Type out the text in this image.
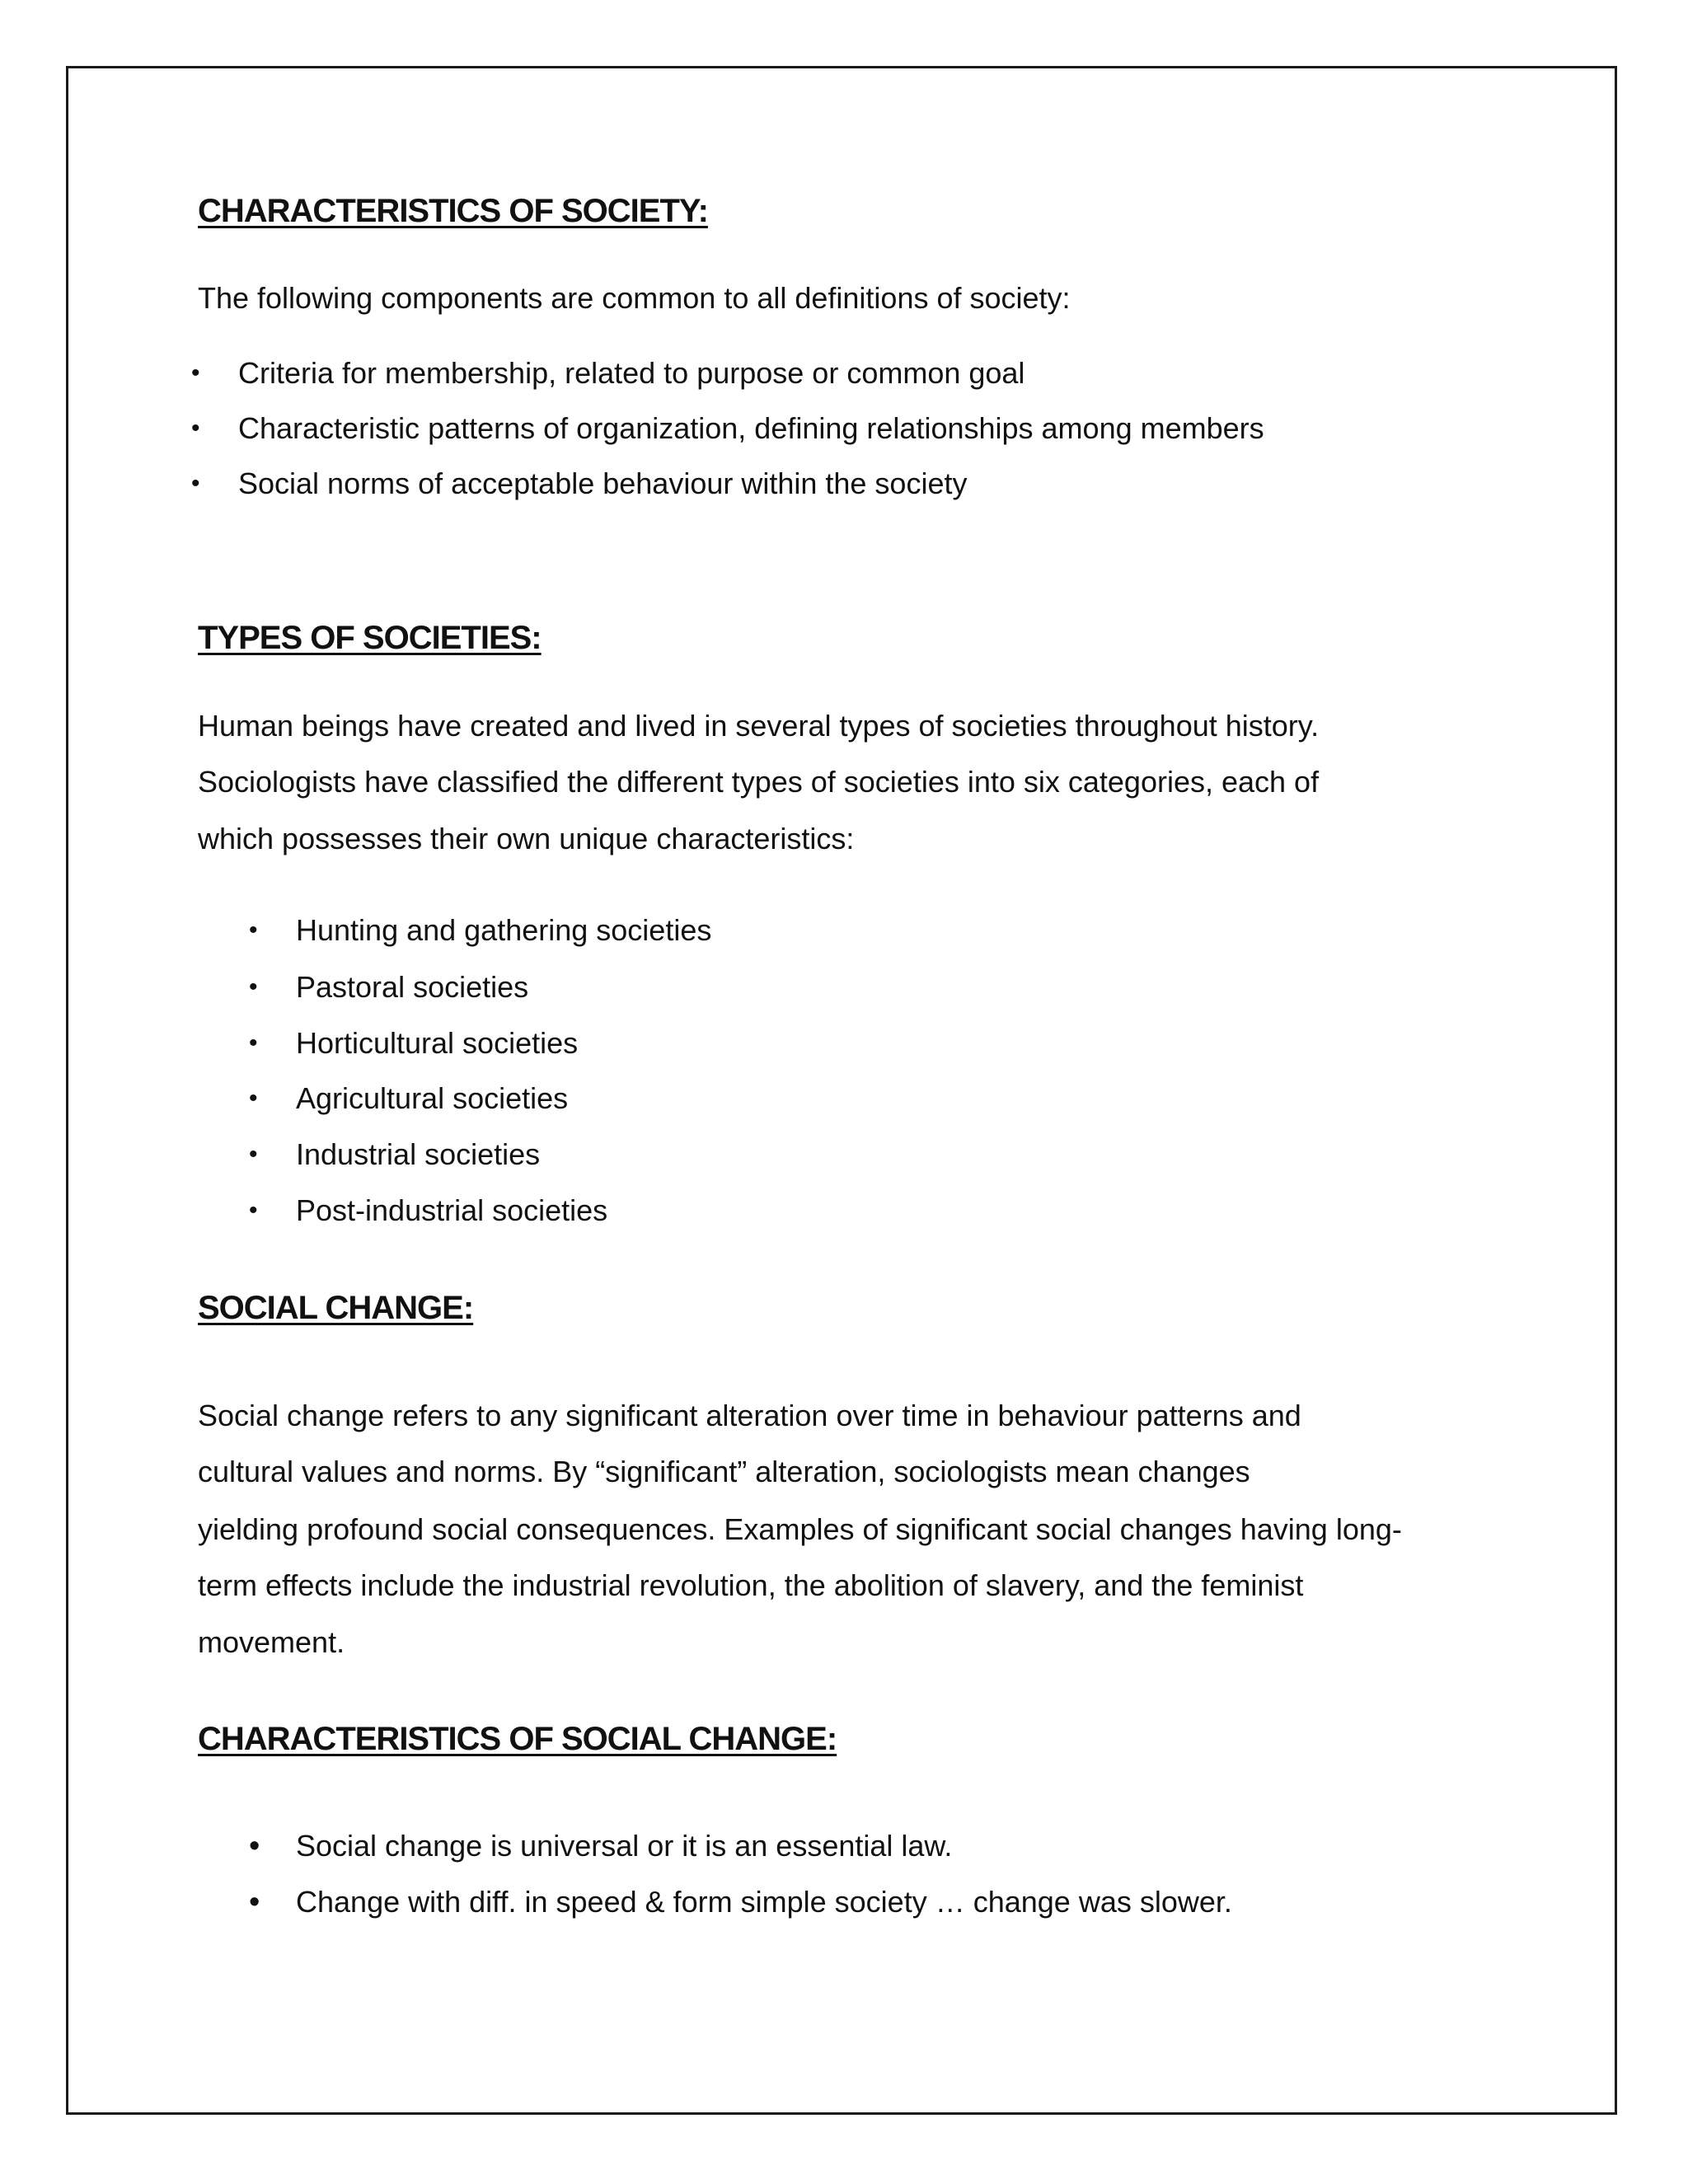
CHARACTERISTICS OF SOCIETY:

The following components are common to all definitions of society:

• Criteria for membership, related to purpose or common goal
• Characteristic patterns of organization, defining relationships among members
• Social norms of acceptable behaviour within the society
TYPES OF SOCIETIES:

Human beings have created and lived in several types of societies throughout history.

Sociologists have classified the different types of societies into six categories, each of

which possesses their own unique characteristics:

• Hunting and gathering societies
• Pastoral societies
• Horticultural societies
• Agricultural societies
• Industrial societies
• Post-industrial societies
SOCIAL CHANGE:

Social change refers to any significant alteration over time in behaviour patterns and

cultural values and norms. By “significant” alteration, sociologists mean changes

yielding profound social consequences. Examples of significant social changes having long-

term effects include the industrial revolution, the abolition of slavery, and the feminist

movement.

CHARACTERISTICS OF SOCIAL CHANGE:
• Social change is universal or it is an essential law.
• Change with diff. in speed & form simple society … change was slower.
